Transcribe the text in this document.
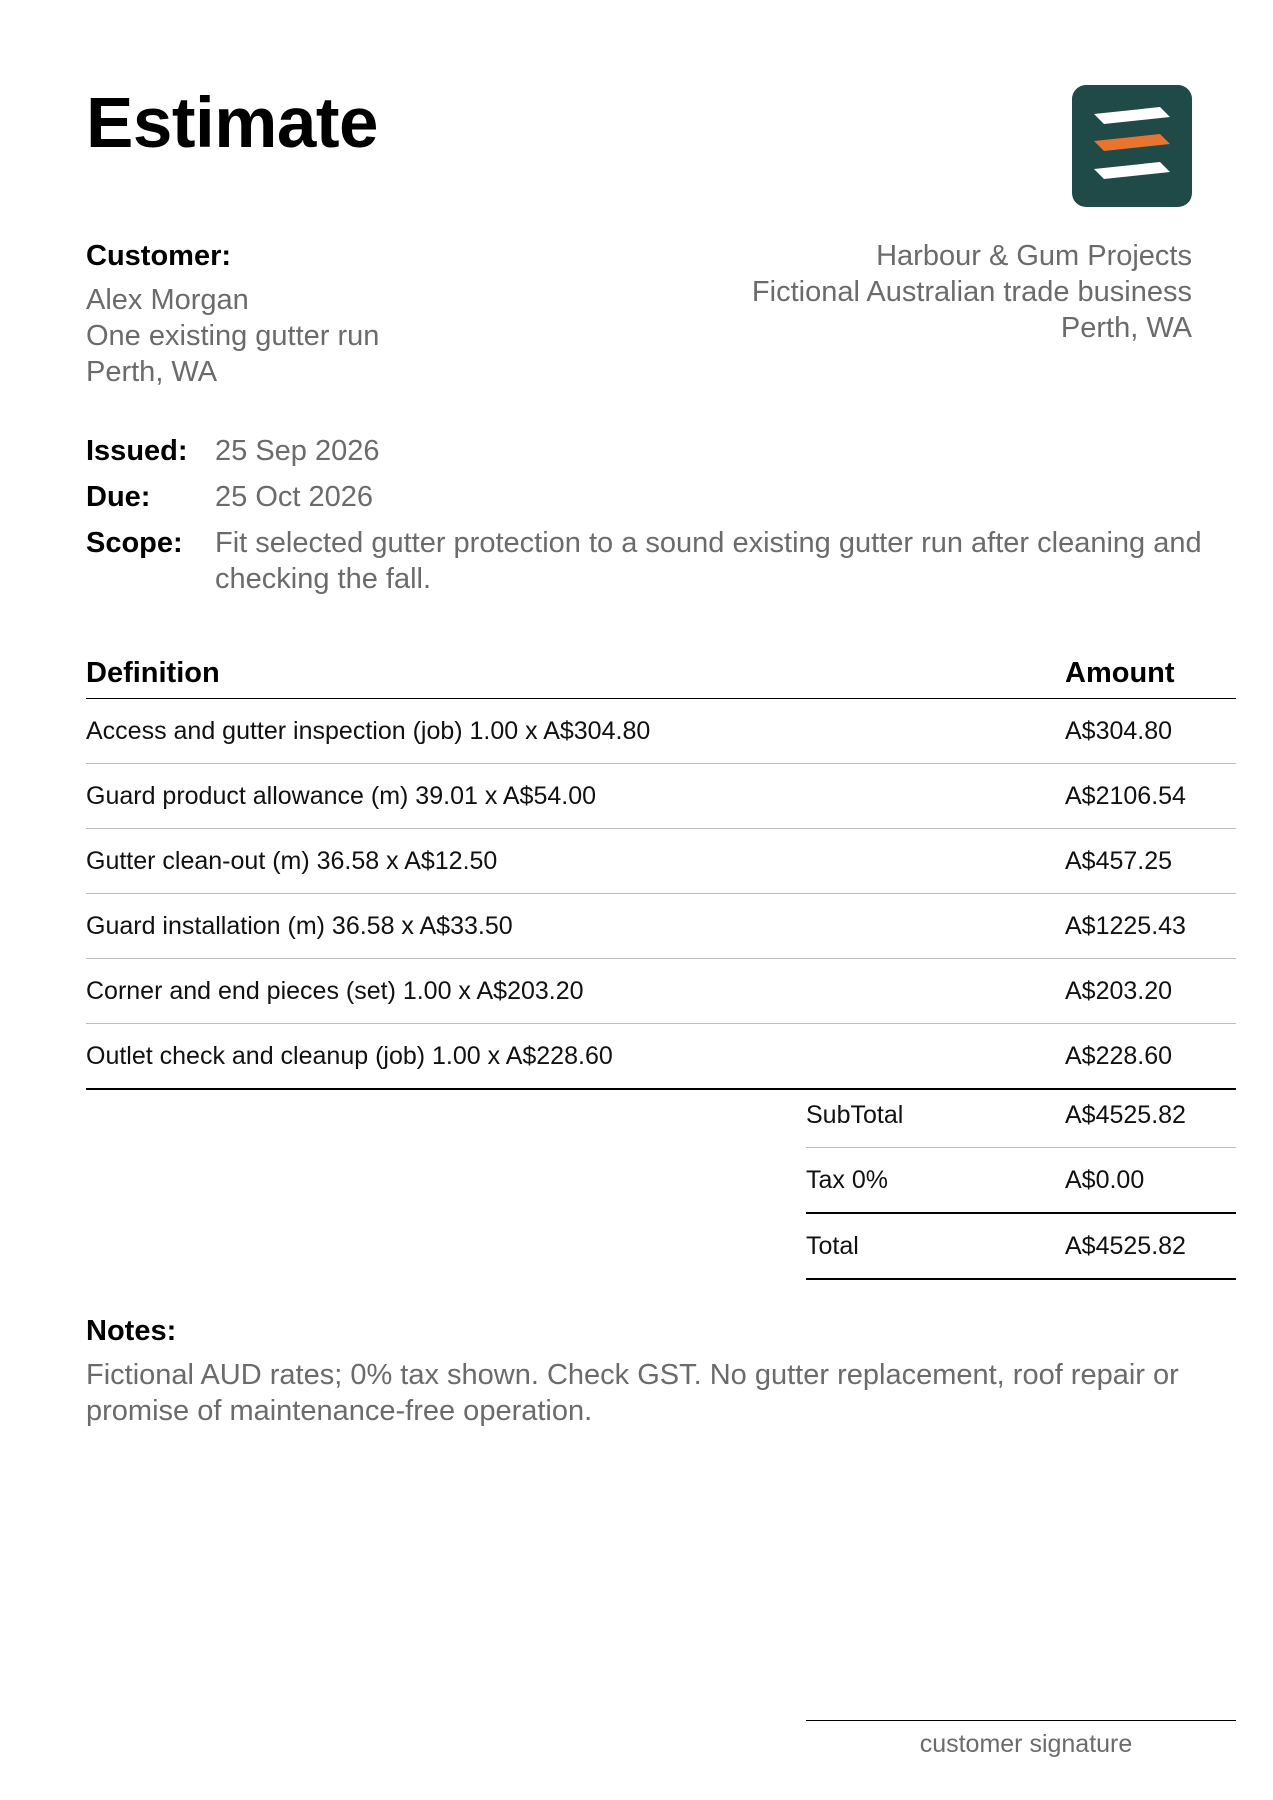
Estimate
Customer:
Alex Morgan
One existing gutter run
Perth, WA
Harbour & Gum Projects
Fictional Australian trade business
Perth, WA
Issued: 25 Sep 2026
Due:	25 Oct 2026
Scope:	Fit selected gutter protection to a sound existing gutter run after cleaning and checking the fall.
Definition	Amount
Access and gutter inspection (job) 1.00 x A$304.80	A$304.80
Guard product allowance (m) 39.01 x A$54.00	A$2106.54
Gutter clean-out (m) 36.58 x A$12.50	A$457.25
Guard installation (m) 36.58 x A$33.50	A$1225.43
Corner and end pieces (set) 1.00 x A$203.20	A$203.20
Outlet check and cleanup (job) 1.00 x A$228.60	A$228.60
SubTotal	A$4525.82
Tax 0%	A$0.00
Total	A$4525.82
Notes:
Fictional AUD rates; 0% tax shown. Check GST. No gutter replacement, roof repair or promise of maintenance-free operation.
customer signature
